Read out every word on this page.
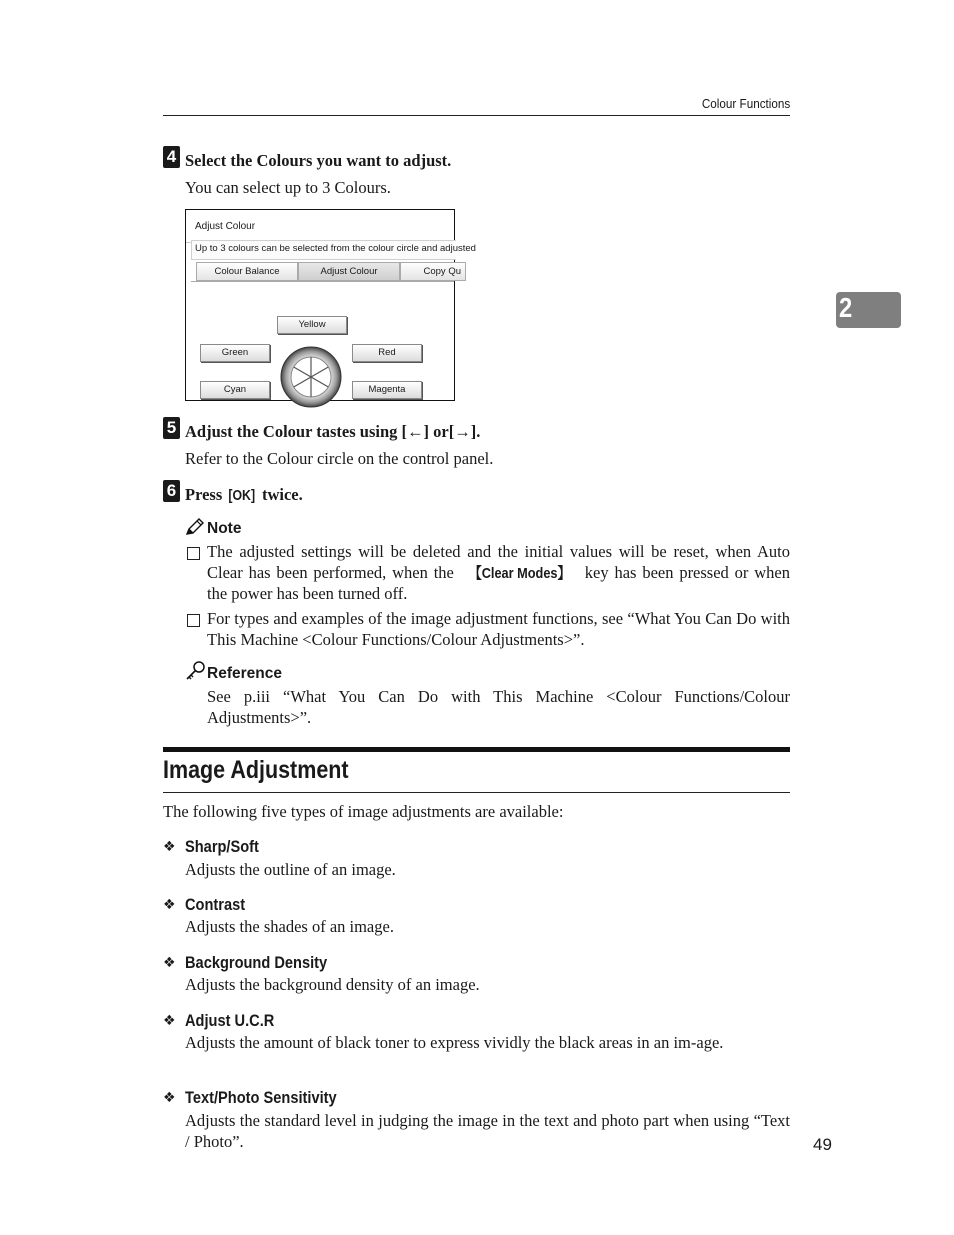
Colour Functions
2
4 Select the Colours you want to adjust.
You can select up to 3 Colours.
Adjust Colour
Up to 3 colours can be selected from the colour circle and adjusted
Colour Balance	Adjust Colour	Copy Qu
Yellow
Green	Red
Cyan	Magenta
5 Adjust the Colour tastes using [←] or[→].
Refer to the Colour circle on the control panel.
6 Press [OK] twice.
Note
The adjusted settings will be deleted and the initial values will be reset, when Auto Clear has been performed, when the 【Clear Modes】 key has been pressed or when the power has been turned off.
For types and examples of the image adjustment functions, see “What You Can Do with This Machine <Colour Functions/Colour Adjustments>”.
Reference
See p.iii “What You Can Do with This Machine <Colour Functions/Colour Adjustments>”.
Image Adjustment
The following five types of image adjustments are available:
❖ Sharp/Soft
Adjusts the outline of an image.
❖ Contrast
Adjusts the shades of an image.
❖ Background Density
Adjusts the background density of an image.
❖ Adjust U.C.R
Adjusts the amount of black toner to express vividly the black areas in an im-age.
❖ Text/Photo Sensitivity
Adjusts the standard level in judging the image in the text and photo part when using “Text / Photo”.	49
